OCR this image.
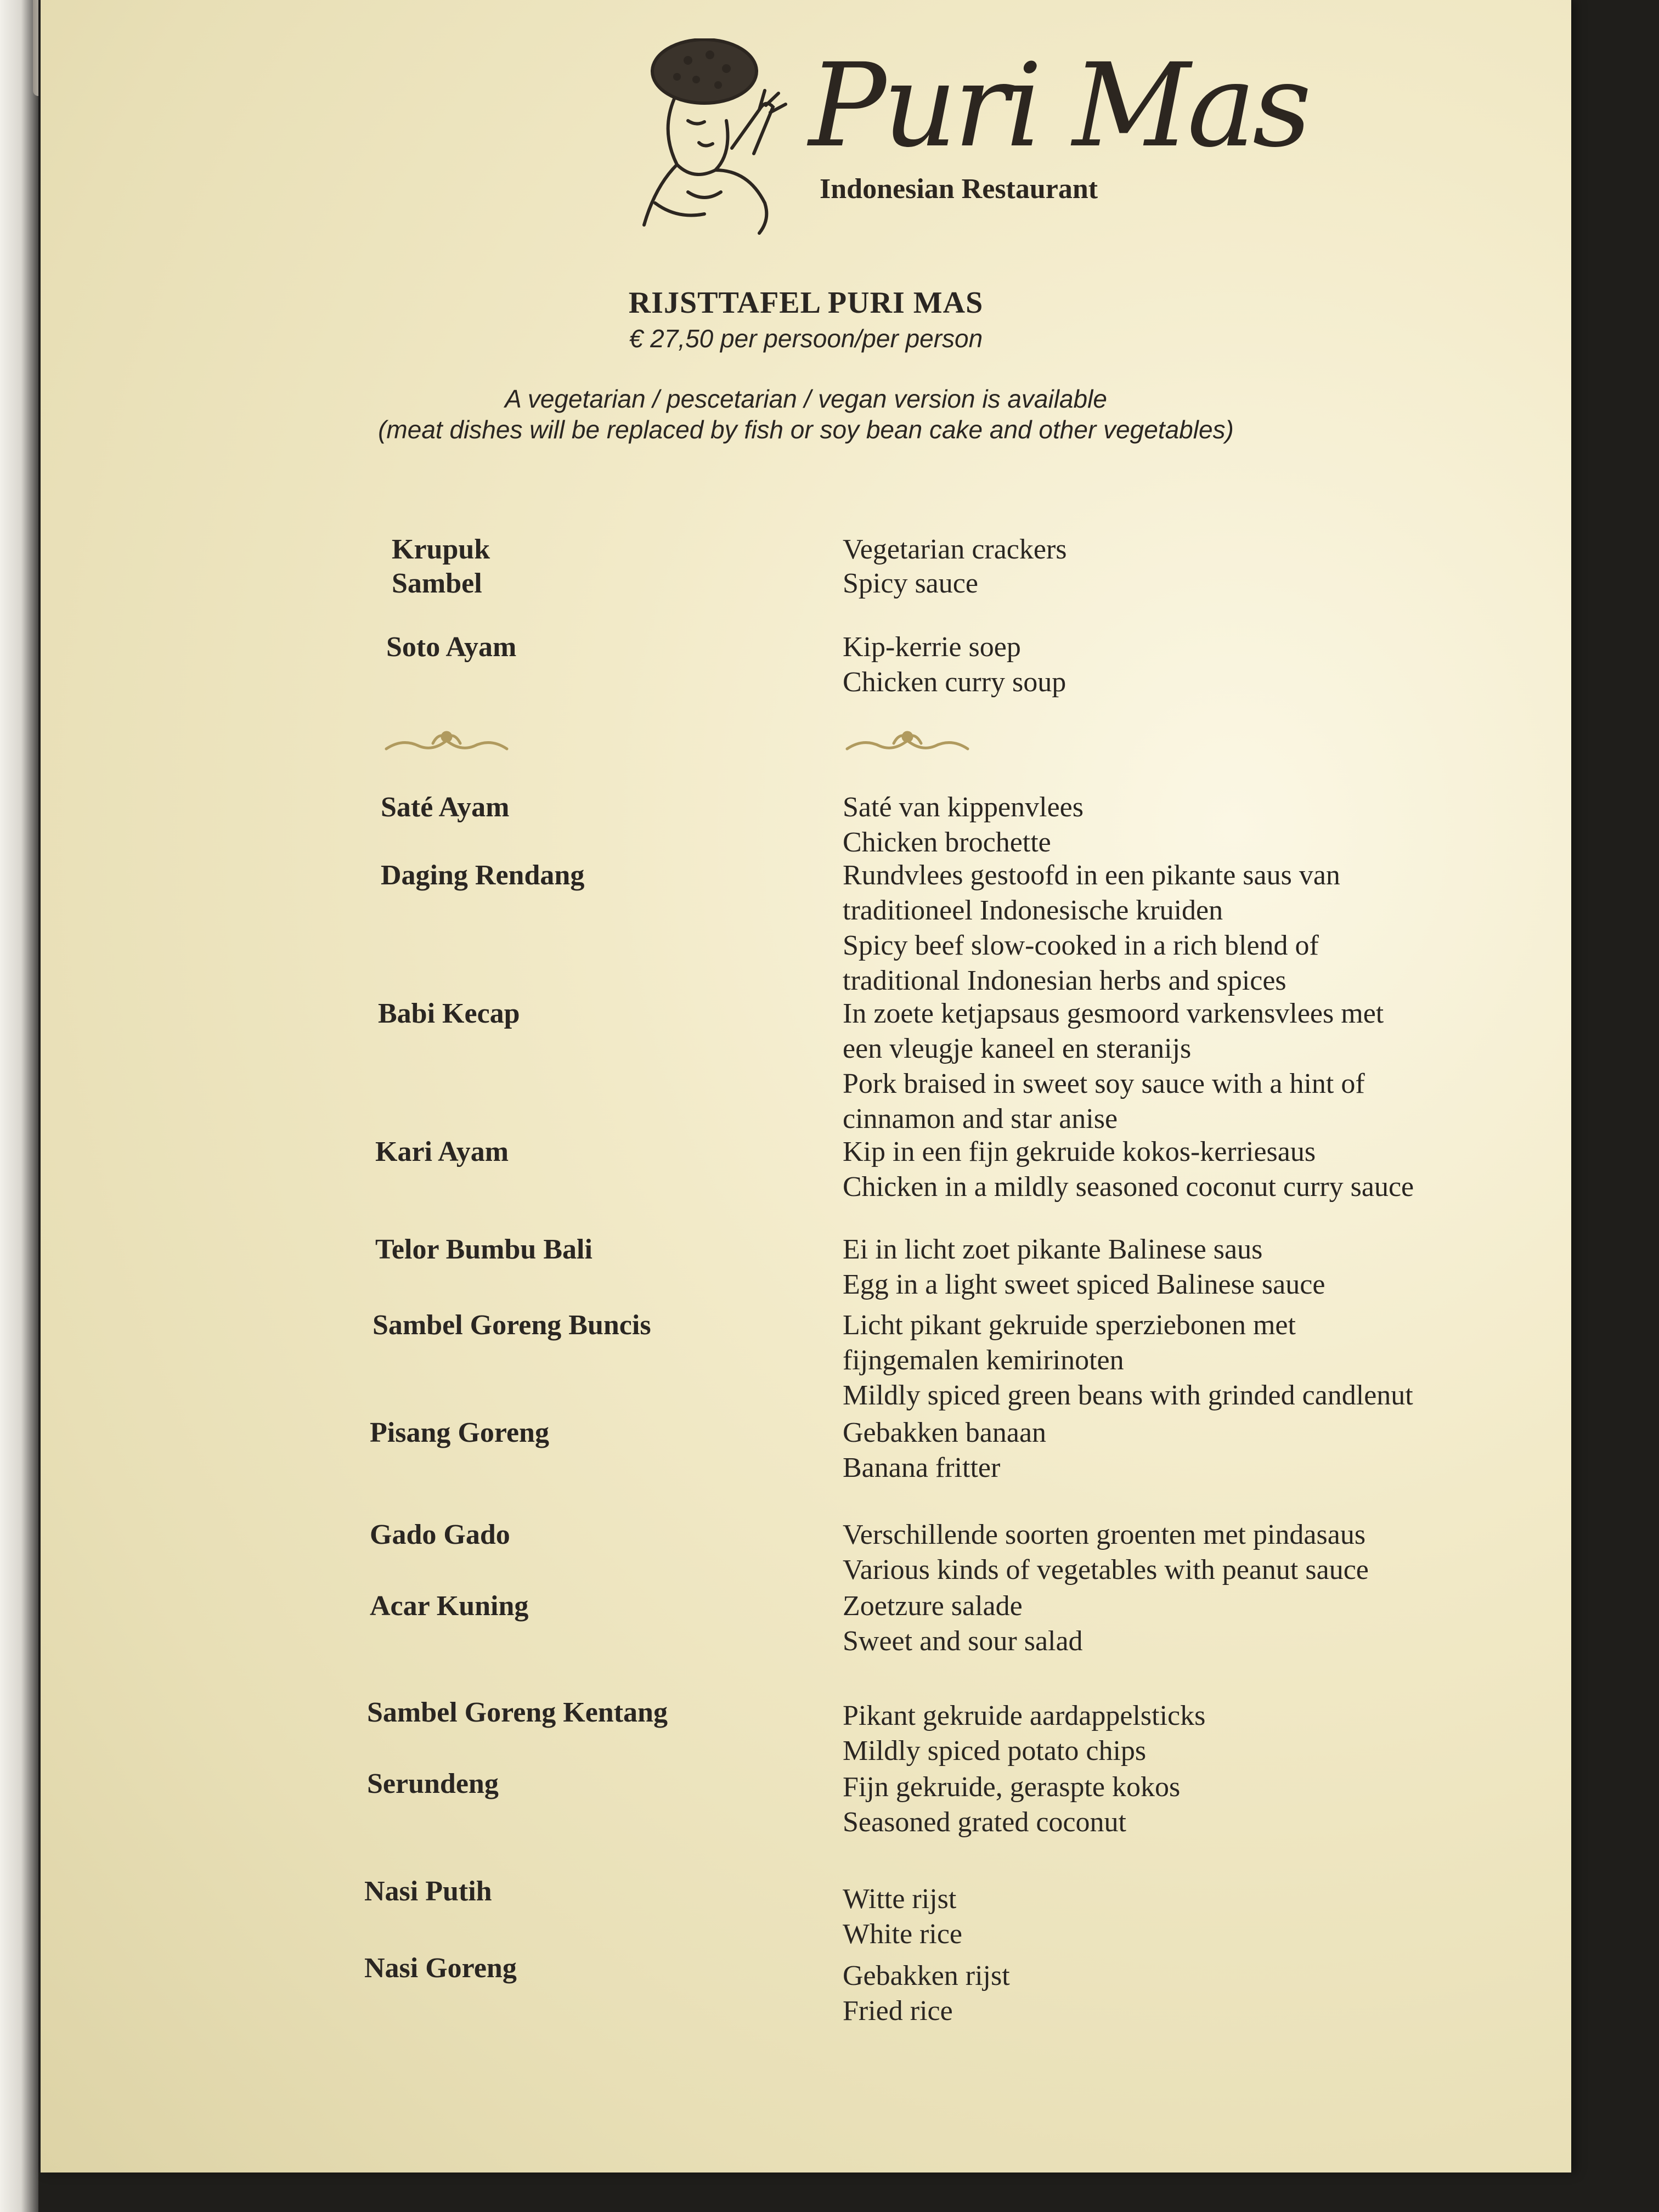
Puri Mas
Indonesian Restaurant
RIJSTTAFEL PURI MAS
€ 27,50 per persoon/per person
A vegetarian / pescetarian / vegan version is available
(meat dishes will be replaced by fish or soy bean cake and other vegetables)
Krupuk	Vegetarian crackers
Sambel	Spicy sauce
Soto Ayam	Kip-kerrie soep
Chicken curry soup
Saté Ayam	Saté van kippenvlees
Chicken brochette
Daging Rendang	Rundvlees gestoofd in een pikante saus van
traditioneel Indonesische kruiden
Spicy beef slow-cooked in a rich blend of
traditional Indonesian herbs and spices
Babi Kecap	In zoete ketjapsaus gesmoord varkensvlees met
een vleugje kaneel en steranijs
Pork braised in sweet soy sauce with a hint of
cinnamon and star anise
Kari Ayam	Kip in een fijn gekruide kokos-kerriesaus
Chicken in a mildly seasoned coconut curry sauce
Telor Bumbu Bali	Ei in licht zoet pikante Balinese saus
Egg in a light sweet spiced Balinese sauce
Sambel Goreng Buncis	Licht pikant gekruide sperziebonen met
fijngemalen kemirinoten
Mildly spiced green beans with grinded candlenut
Pisang Goreng	Gebakken banaan
Banana fritter
Gado Gado	Verschillende soorten groenten met pindasaus
Various kinds of vegetables with peanut sauce
Acar Kuning	Zoetzure salade
Sweet and sour salad
Sambel Goreng Kentang	Pikant gekruide aardappelsticks
Mildly spiced potato chips
Serundeng	Fijn gekruide, geraspte kokos
Seasoned grated coconut
Nasi Putih	Witte rijst
White rice
Nasi Goreng	Gebakken rijst
Fried rice
